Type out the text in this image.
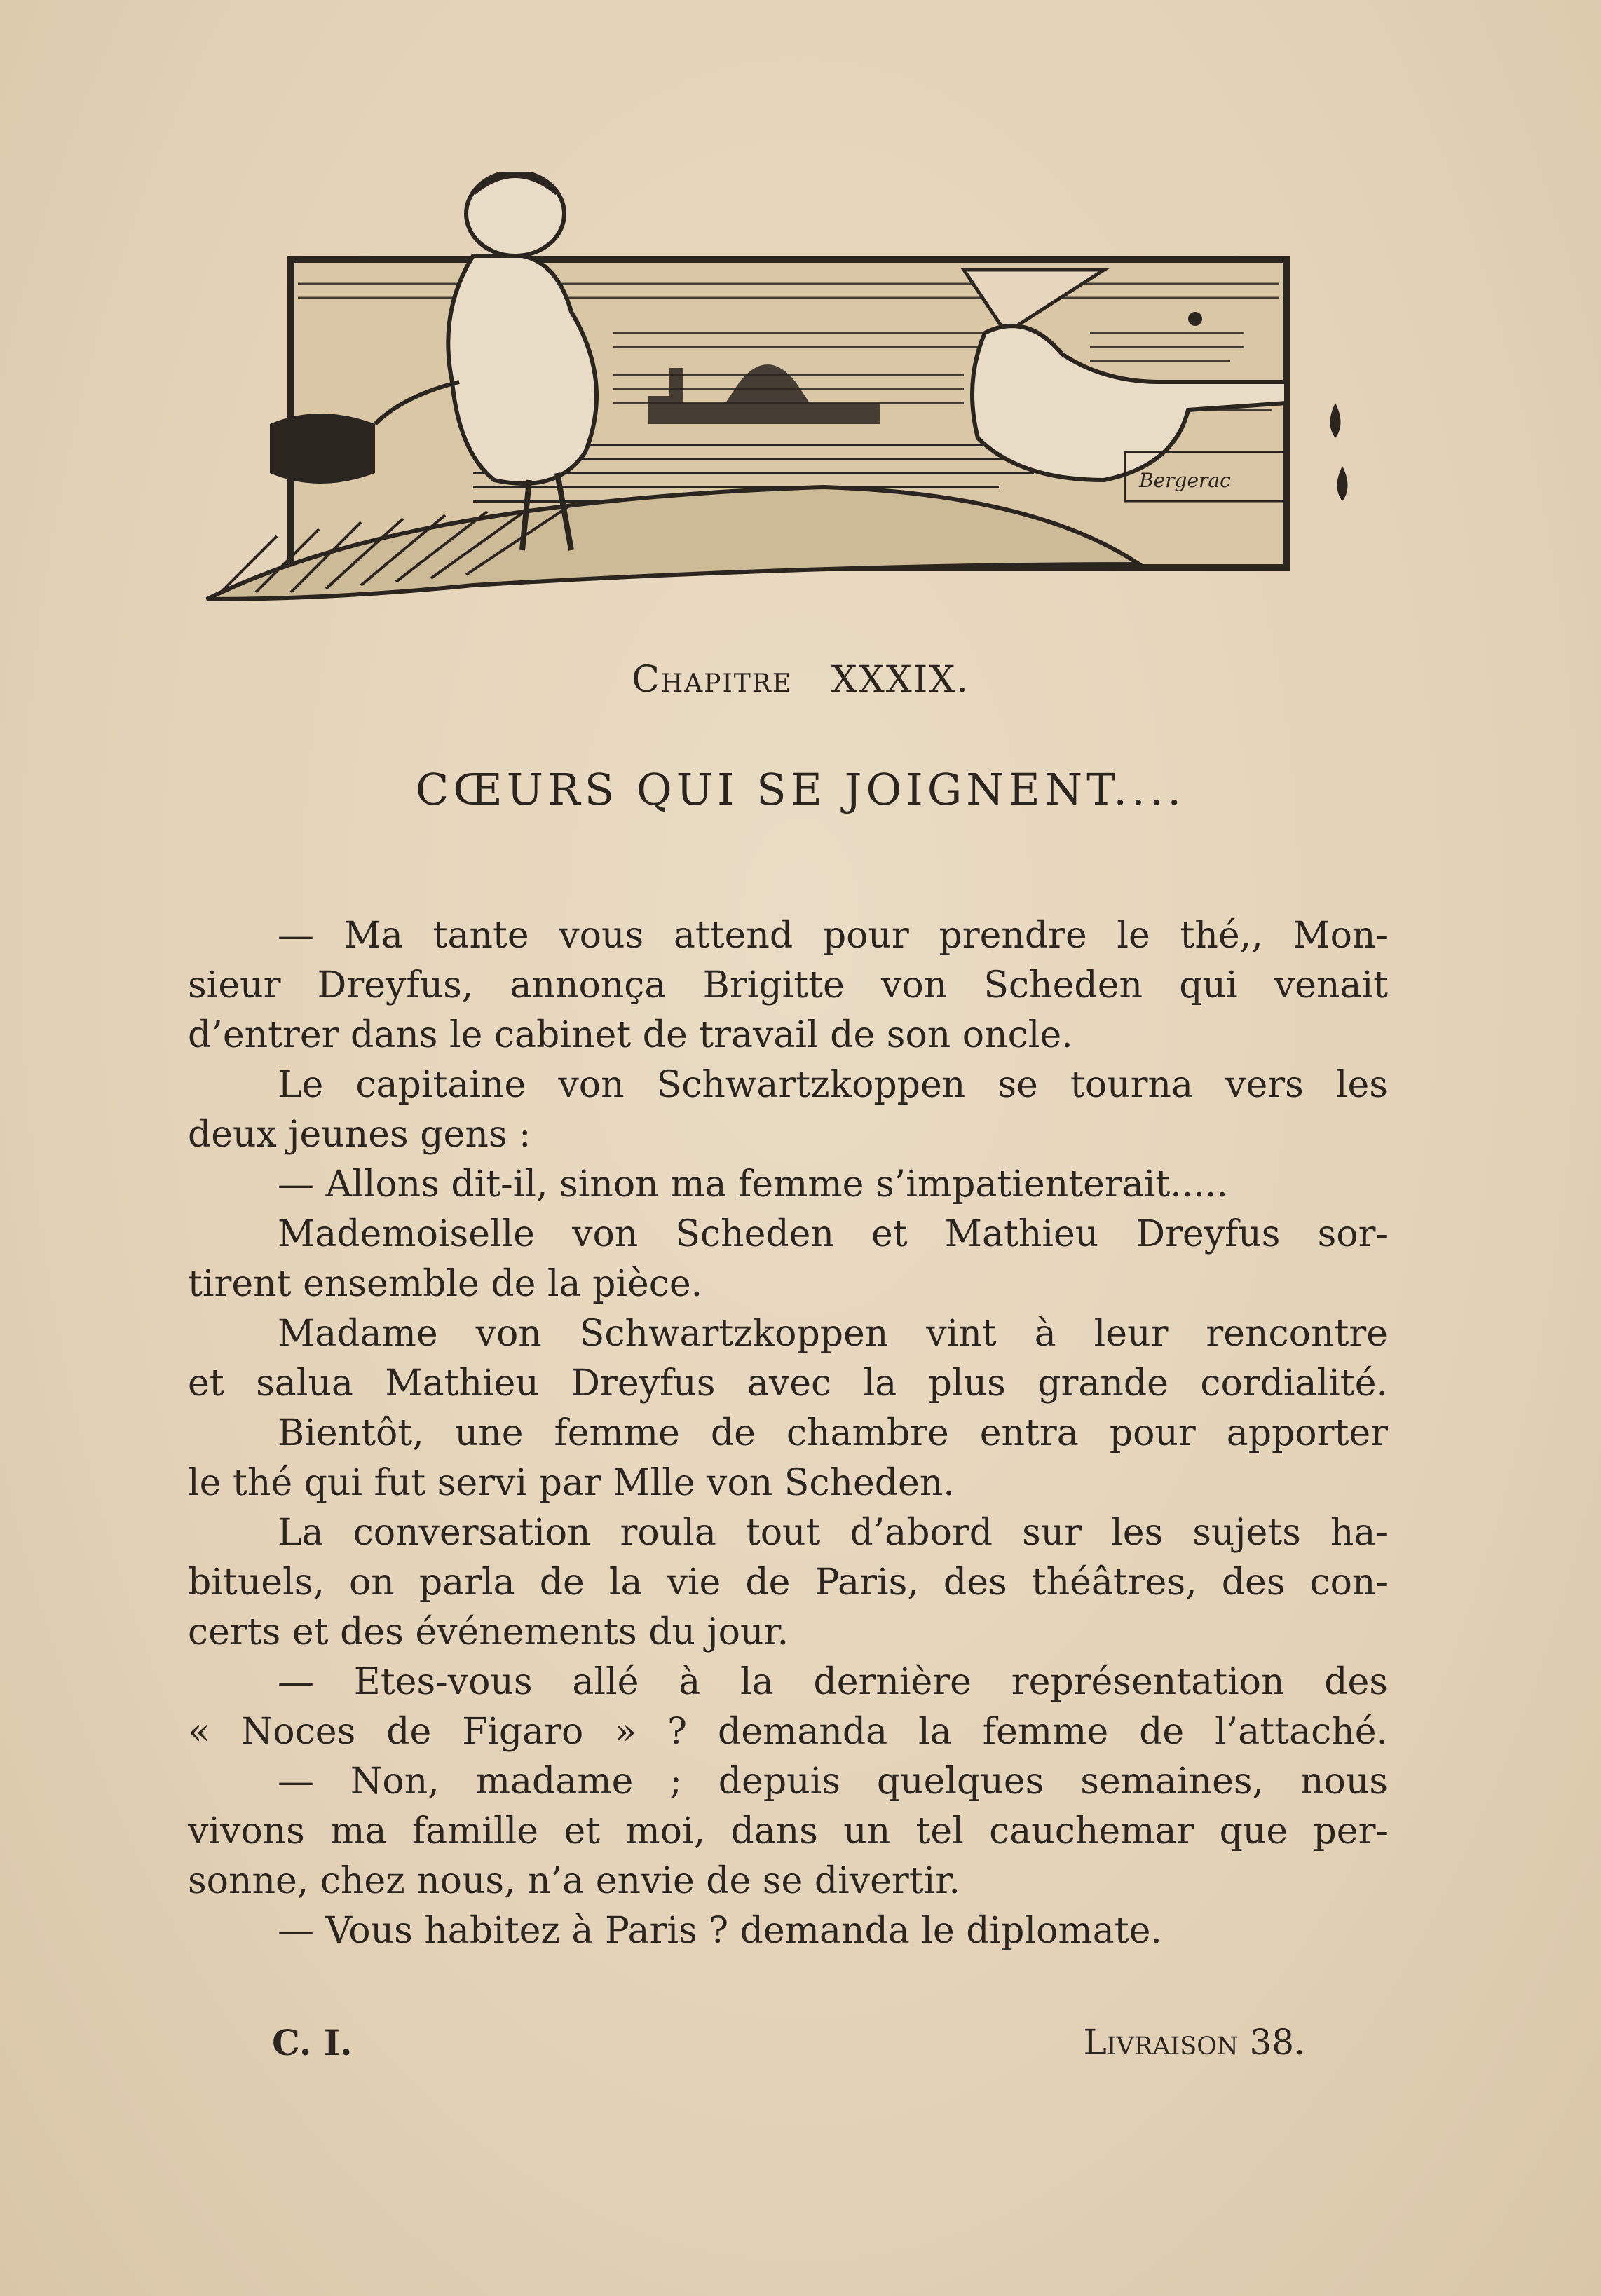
Bergerac
Chapitre XXXIX.
CŒURS QUI SE JOIGNENT....
— Ma tante vous attend pour prendre le thé,, Mon-
sieur Dreyfus, annonça Brigitte von Scheden qui venait
d’entrer dans le cabinet de travail de son oncle.
Le capitaine von Schwartzkoppen se tourna vers les
deux jeunes gens :
— Allons dit-il, sinon ma femme s’impatienterait.....
Mademoiselle von Scheden et Mathieu Dreyfus sor-
tirent ensemble de la pièce.
Madame von Schwartzkoppen vint à leur rencontre
et salua Mathieu Dreyfus avec la plus grande cordialité.
Bientôt, une femme de chambre entra pour apporter
le thé qui fut servi par Mlle von Scheden.
La conversation roula tout d’abord sur les sujets ha-
bituels, on parla de la vie de Paris, des théâtres, des con-
certs et des événements du jour.
— Etes-vous allé à la dernière représentation des
« Noces de Figaro » ? demanda la femme de l’attaché.
— Non, madame ; depuis quelques semaines, nous
vivons ma famille et moi, dans un tel cauchemar que per-
sonne, chez nous, n’a envie de se divertir.
— Vous habitez à Paris ? demanda le diplomate.
C. I.	Livraison 38.
